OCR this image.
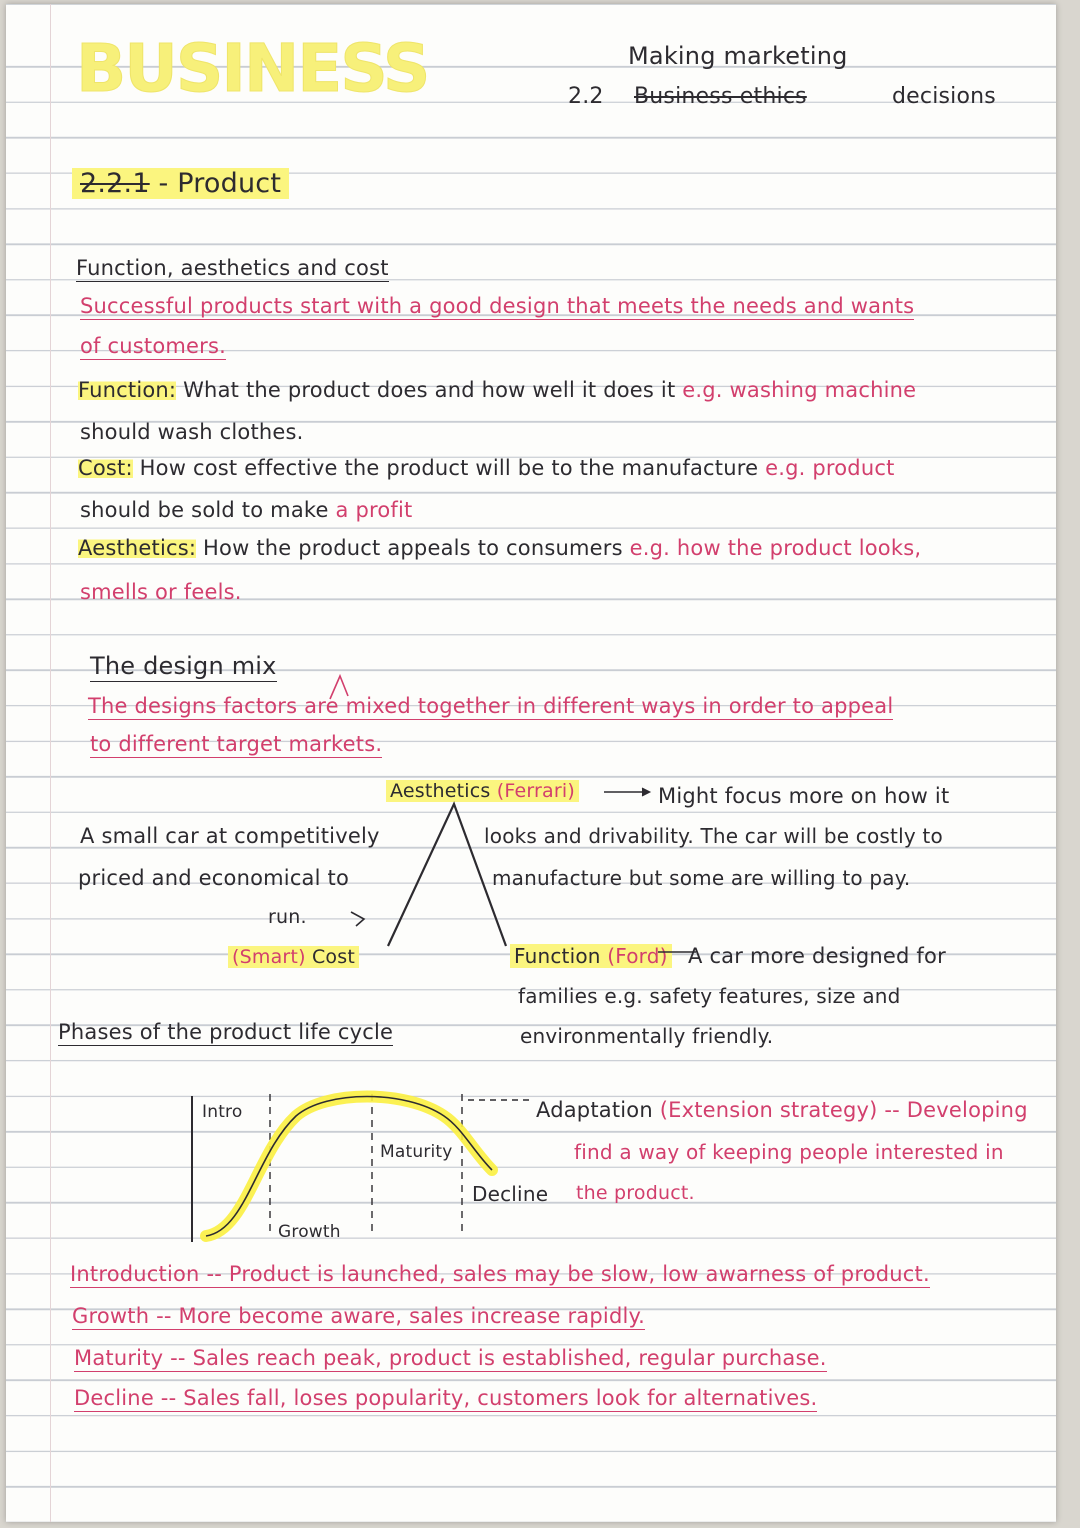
BUSINESS	Making marketing
2.2 Business ethics	decisions
2.2.1 - Product
Function, aesthetics and cost
Successful products start with a good design that meets the needs and wants
of customers.
Function: What the product does and how well it does it e.g. washing machine
should wash clothes.
Cost: How cost effective the product will be to the manufacture e.g. product
should be sold to make a profit
Aesthetics: How the product appeals to consumers e.g. how the product looks,
smells or feels.
The design mix
The designs factors are mixed together in different ways in order to appeal
to different target markets.
Aesthetics (Ferrari)	Might focus more on how it
looks and drivability. The car will be costly to
manufacture but some are willing to pay.
A small car at competitively
priced and economical to
run.
(Smart) Cost	Function (Ford) A car more designed for
families e.g. safety features, size and
environmentally friendly.
Phases of the product life cycle
Intro
Maturity
Decline
Growth
Adaptation (Extension strategy) -- Developing
find a way of keeping people interested in
the product.
Introduction -- Product is launched, sales may be slow, low awarness of product.
Growth -- More become aware, sales increase rapidly.
Maturity -- Sales reach peak, product is established, regular purchase.
Decline -- Sales fall, loses popularity, customers look for alternatives.
